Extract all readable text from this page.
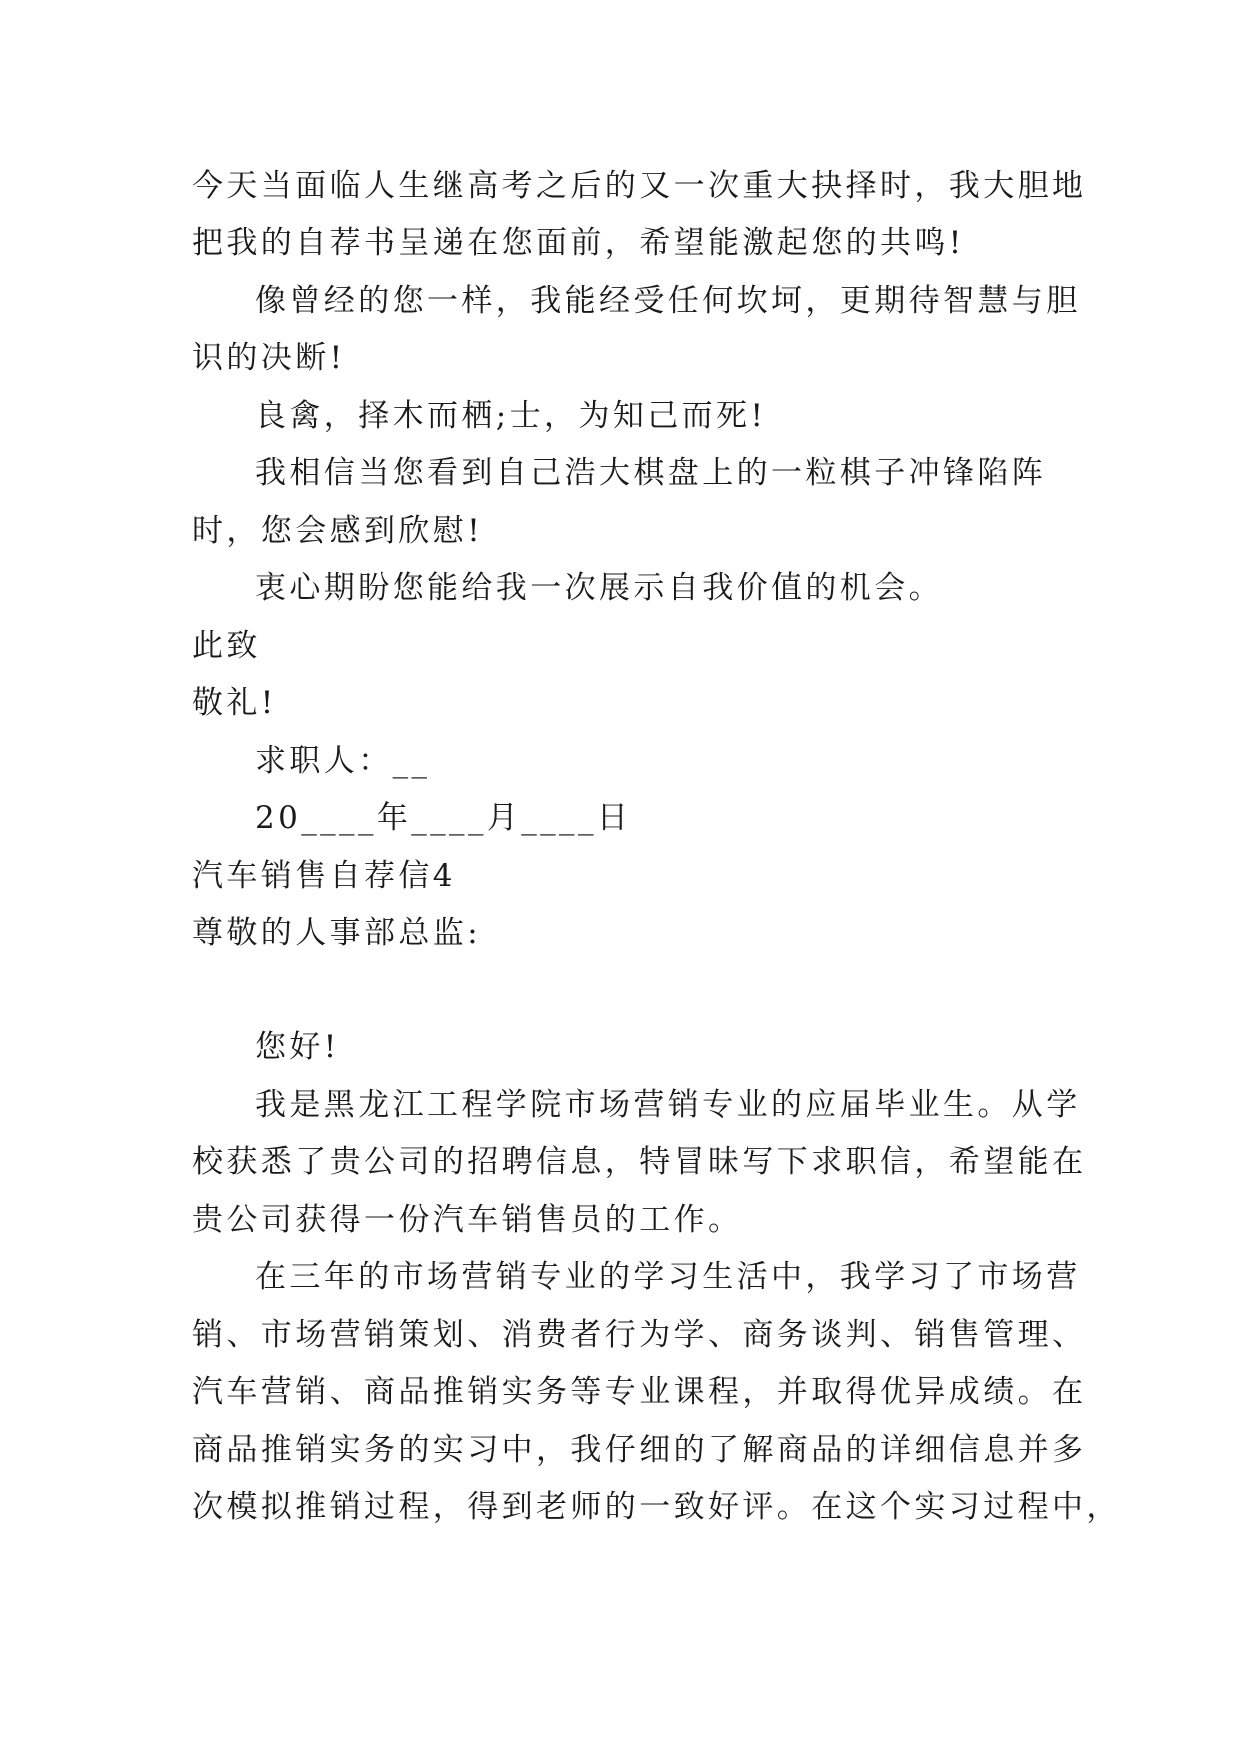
今天当面临人生继高考之后的又一次重大抉择时，我大胆地
把我的自荐书呈递在您面前，希望能激起您的共鸣!
像曾经的您一样，我能经受任何坎坷，更期待智慧与胆
识的决断!
良禽，择木而栖;士，为知己而死!
我相信当您看到自己浩大棋盘上的一粒棋子冲锋陷阵
时，您会感到欣慰!
衷心期盼您能给我一次展示自我价值的机会。
此致
敬礼!
求职人：__
20____年____月____日
汽车销售自荐信4
尊敬的人事部总监:
您好!
我是黑龙江工程学院市场营销专业的应届毕业生。从学
校获悉了贵公司的招聘信息，特冒昧写下求职信，希望能在
贵公司获得一份汽车销售员的工作。
在三年的市场营销专业的学习生活中，我学习了市场营
销、市场营销策划、消费者行为学、商务谈判、销售管理、
汽车营销、商品推销实务等专业课程，并取得优异成绩。在
商品推销实务的实习中，我仔细的了解商品的详细信息并多
次模拟推销过程，得到老师的一致好评。在这个实习过程中，
